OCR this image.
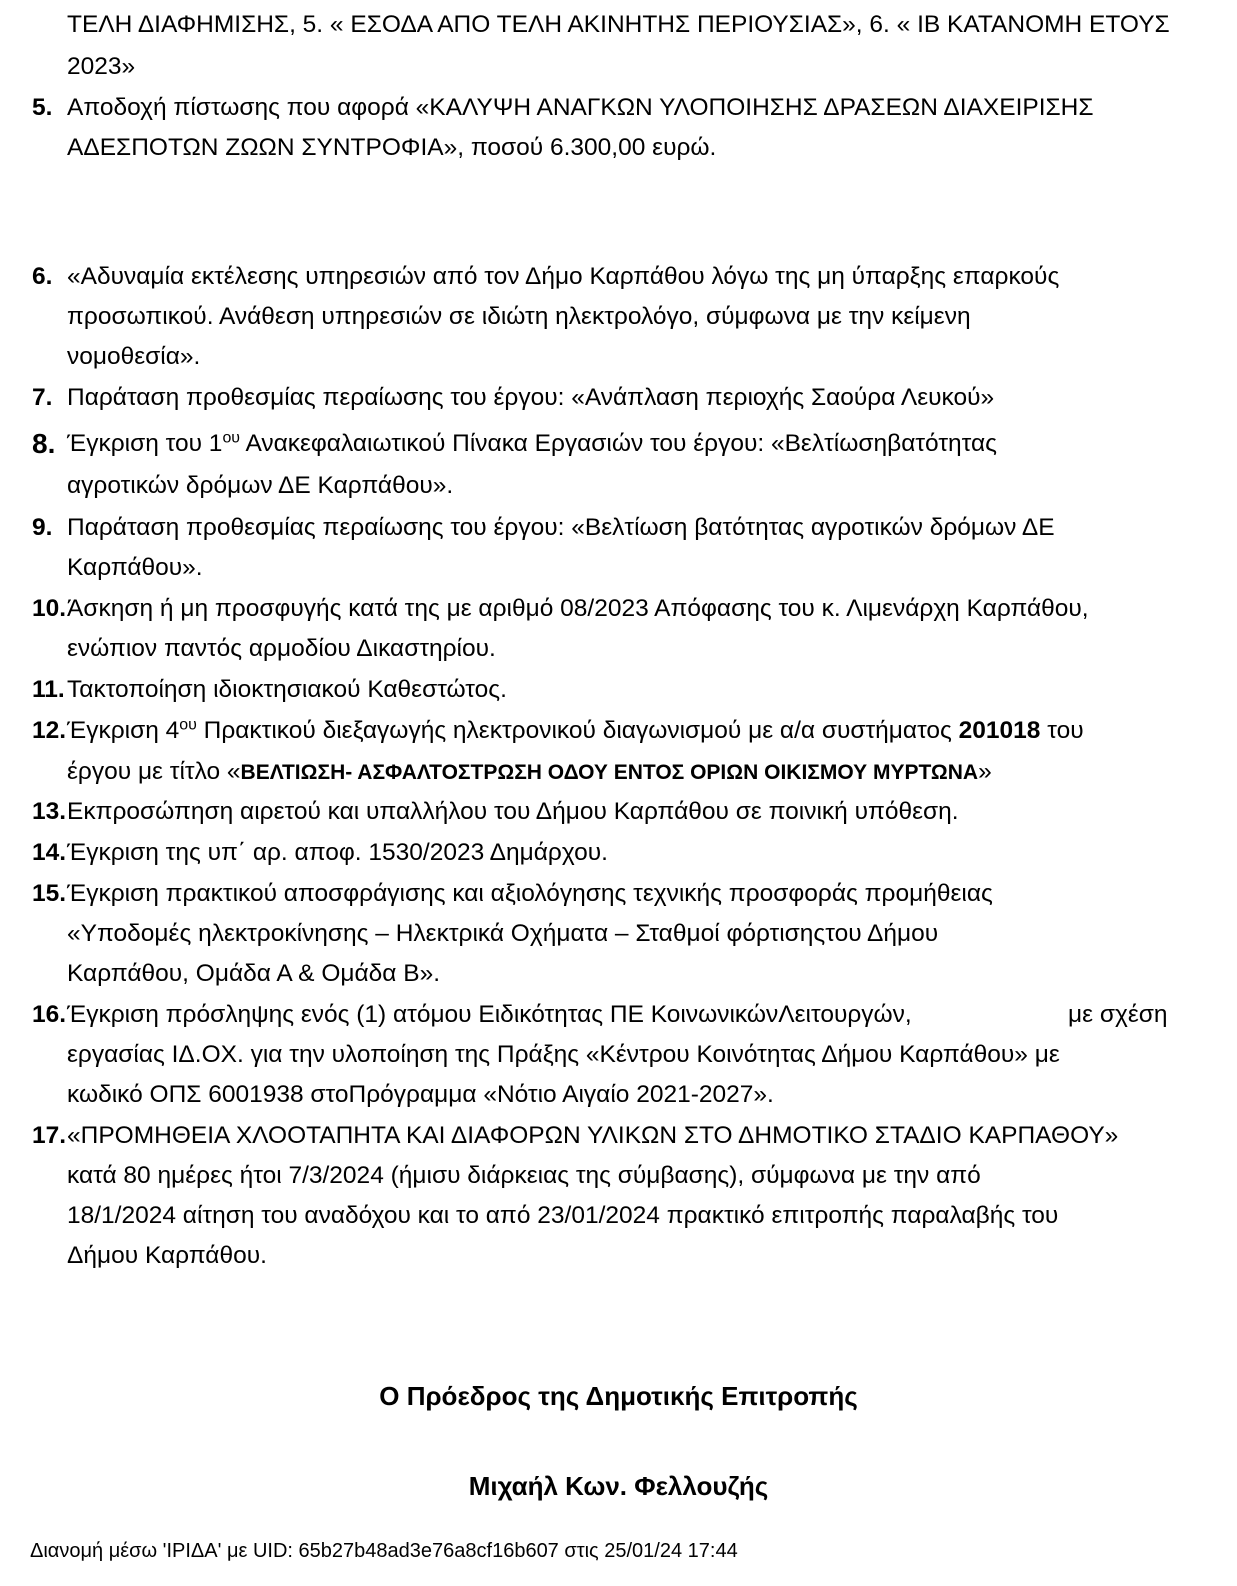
ΤΕΛΗ ΔΙΑΦΗΜΙΣΗΣ, 5. « ΕΣΟΔΑ ΑΠΟ ΤΕΛΗ ΑΚΙΝΗΤΗΣ ΠΕΡΙΟΥΣΙΑΣ», 6. « ΙΒ ΚΑΤΑΝΟΜΗ ΕΤΟΥΣ
2023»
5. Αποδοχή πίστωσης που αφορά «ΚΑΛΥΨΗ ΑΝΑΓΚΩΝ ΥΛΟΠΟΙΗΣΗΣ ΔΡΑΣΕΩΝ ΔΙΑΧΕΙΡΙΣΗΣ
ΑΔΕΣΠΟΤΩΝ ΖΩΩΝ ΣΥΝΤΡΟΦΙΑ», ποσού 6.300,00 ευρώ.
6. «Αδυναμία εκτέλεσης υπηρεσιών από τον Δήμο Καρπάθου λόγω της μη ύπαρξης επαρκούς
προσωπικού. Ανάθεση υπηρεσιών σε ιδιώτη ηλεκτρολόγο, σύμφωνα με την κείμενη
νομοθεσία».
7. Παράταση προθεσμίας περαίωσης του έργου: «Ανάπλαση περιοχής Σαούρα Λευκού»
8. Έγκριση του $1^{o\upsilon}$ Ανακεφαλαιωτικού Πίνακα Εργασιών του έργου: «Βελτίωσηβατότητας
αγροτικών δρόμων ΔΕ Καρπάθου».
9. Παράταση προθεσμίας περαίωσης του έργου: «Βελτίωση βατότητας αγροτικών δρόμων ΔΕ
Καρπάθου».
10. Άσκηση ή μη προσφυγής κατά της με αριθμό 08/2023 Απόφασης του κ. Λιμενάρχη Καρπάθου,
ενώπιον παντός αρμοδίου Δικαστηρίου.
11. Τακτοποίηση ιδιοκτησιακού Καθεστώτος.
12. Έγκριση $4^{o\upsilon}$ Πρακτικού διεξαγωγής ηλεκτρονικού διαγωνισμού με α/α συστήματος 201018 του
έργου με τίτλο «ΒΕΛΤΙΩΣΗ- ΑΣΦΑΛΤΟΣΤΡΩΣΗ ΟΔΟΥ ΕΝΤΟΣ ΟΡΙΩΝ ΟΙΚΙΣΜΟΥ ΜΥΡΤΩΝΑ»
13. Εκπροσώπηση αιρετού και υπαλλήλου του Δήμου Καρπάθου σε ποινική υπόθεση.
14. Έγκριση της υπ΄ αρ. αποφ. 1530/2023 Δημάρχου.
15. Έγκριση πρακτικού αποσφράγισης και αξιολόγησης τεχνικής προσφοράς προμήθειας
«Υποδομές ηλεκτροκίνησης – Ηλεκτρικά Οχήματα – Σταθμοί φόρτισηςτου Δήμου
Καρπάθου, Ομάδα Α & Ομάδα Β».
16. Έγκριση πρόσληψης ενός (1) ατόμου Ειδικότητας ΠΕ ΚοινωνικώνΛειτουργών,	με σχέση
εργασίας ΙΔ.ΟΧ. για την υλοποίηση της Πράξης «Κέντρου Κοινότητας Δήμου Καρπάθου» με
κωδικό ΟΠΣ 6001938 στοΠρόγραμμα «Νότιο Αιγαίο 2021-2027».
17. «ΠΡΟΜΗΘΕΙΑ ΧΛΟΟΤΑΠΗΤΑ ΚΑΙ ΔΙΑΦΟΡΩΝ ΥΛΙΚΩΝ ΣΤΟ ΔΗΜΟΤΙΚΟ ΣΤΑΔΙΟ ΚΑΡΠΑΘΟΥ»
κατά 80 ημέρες ήτοι 7/3/2024 (ήμισυ διάρκειας της σύμβασης), σύμφωνα με την από
18/1/2024 αίτηση του αναδόχου και το από 23/01/2024 πρακτικό επιτροπής παραλαβής του
Δήμου Καρπάθου.
Ο Πρόεδρος της Δημοτικής Επιτροπής
Μιχαήλ Κων. Φελλουζής
Διανομή μέσω 'ΙΡΙΔΑ' με UID: 65b27b48ad3e76a8cf16b607 στις 25/01/24 17:44
